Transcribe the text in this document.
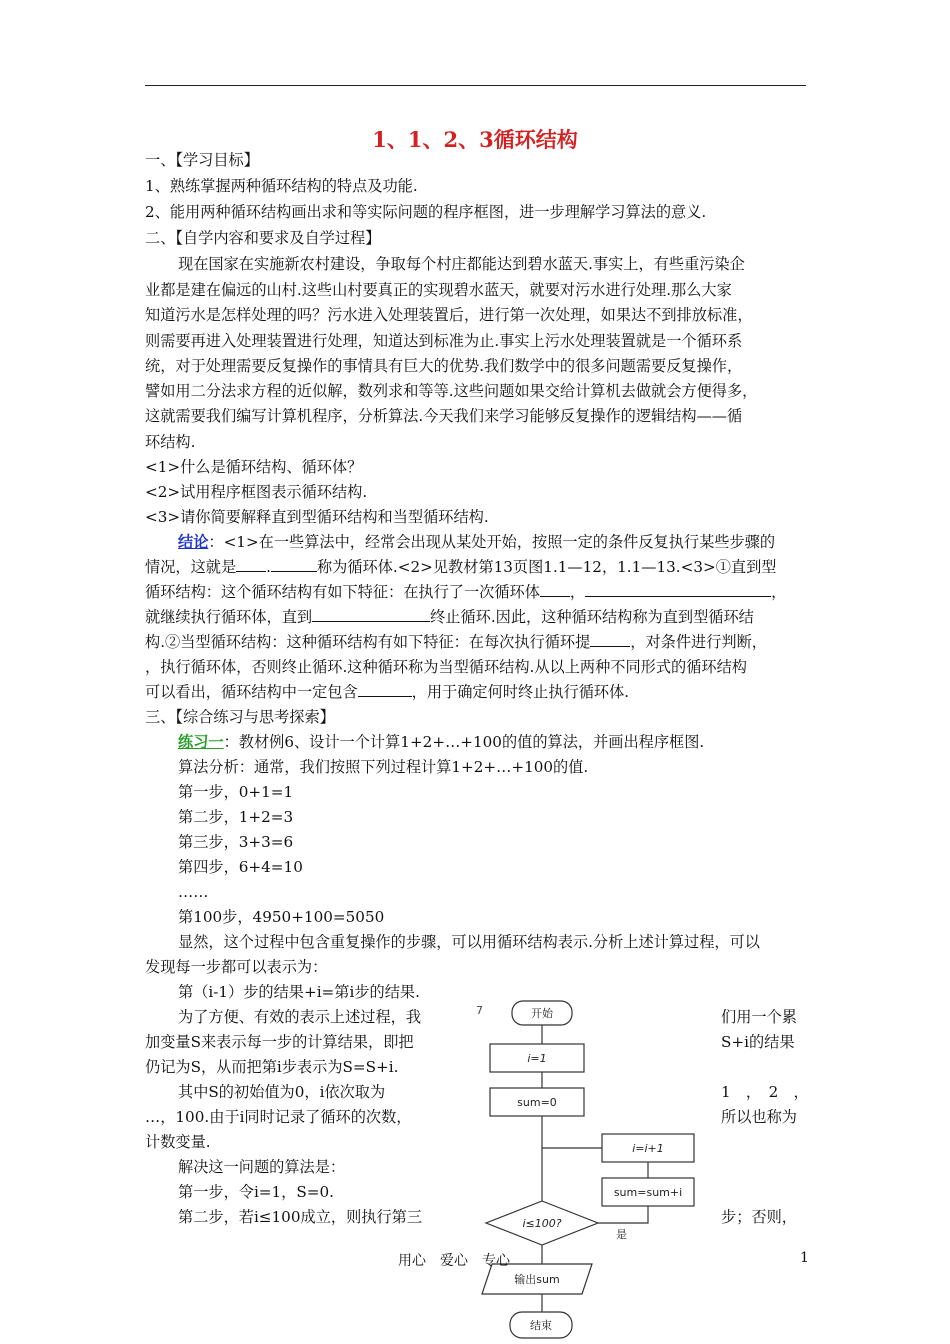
1、1、2、3循环结构
一、【学习目标】
1、熟练掌握两种循环结构的特点及功能.
2、能用两种循环结构画出求和等实际问题的程序框图，进一步理解学习算法的意义.
二、【自学内容和要求及自学过程】
现在国家在实施新农村建设，争取每个村庄都能达到碧水蓝天.事实上，有些重污染企
业都是建在偏远的山村.这些山村要真正的实现碧水蓝天，就要对污水进行处理.那么大家
知道污水是怎样处理的吗？污水进入处理装置后，进行第一次处理，如果达不到排放标准，
则需要再进入处理装置进行处理，知道达到标准为止.事实上污水处理装置就是一个循环系
统，对于处理需要反复操作的事情具有巨大的优势.我们数学中的很多问题需要反复操作，
譬如用二分法求方程的近似解，数列求和等等.这些问题如果交给计算机去做就会方便得多，
这就需要我们编写计算机程序，分析算法.今天我们来学习能够反复操作的逻辑结构——循
环结构.
<1>什么是循环结构、循环体？
<2>试用程序框图表示循环结构.
<3>请你简要解释直到型循环结构和当型循环结构.
结论：<1>在一些算法中，经常会出现从某处开始，按照一定的条件反复执行某些步骤的
情况，这就是 .	称为循环体.<2>见教材第13页图1.1—12，1.1—13.<3>①直到型
循环结构：这个循环结构有如下特征：在执行了一次循环体 ，	，
就继续执行循环体，直到	终止循环.因此，这种循环结构称为直到型循环结
构.②当型循环结构：这种循环结构有如下特征：在每次执行循环提	，对条件进行判断，
，执行循环体，否则终止循环.这种循环称为当型循环结构.从以上两种不同形式的循环结构
可以看出，循环结构中一定包含	，用于确定何时终止执行循环体.
三、【综合练习与思考探索】
练习一：教材例6、设计一个计算1+2+…+100的值的算法，并画出程序框图.
算法分析：通常，我们按照下列过程计算1+2+…+100的值.
第一步，0+1=1
第二步，1+2=3
第三步，3+3=6
第四步，6+4=10
……
第100步，4950+100=5050
显然，这个过程中包含重复操作的步骤，可以用循环结构表示.分析上述计算过程，可以
发现每一步都可以表示为：
第（i-1）步的结果+i=第i步的结果.
为了方便、有效的表示上述过程，我
加变量S来表示每一步的计算结果，即把
仍记为S，从而把第i步表示为S=S+i.
其中S的初始值为0，i依次取为
…，100.由于i同时记录了循环的次数，
计数变量.
解决这一问题的算法是：
第一步，令i=1，S=0.
第二步，若i≤100成立，则执行第三
们用一个累
S+i的结果
1　，　2　，
所以也称为
步；否则，
7	开始
i=1
sum=0
i=i+1
sum=sum+i
i≤100?
是
输出sum
结束
用心　爱心　专心	1
